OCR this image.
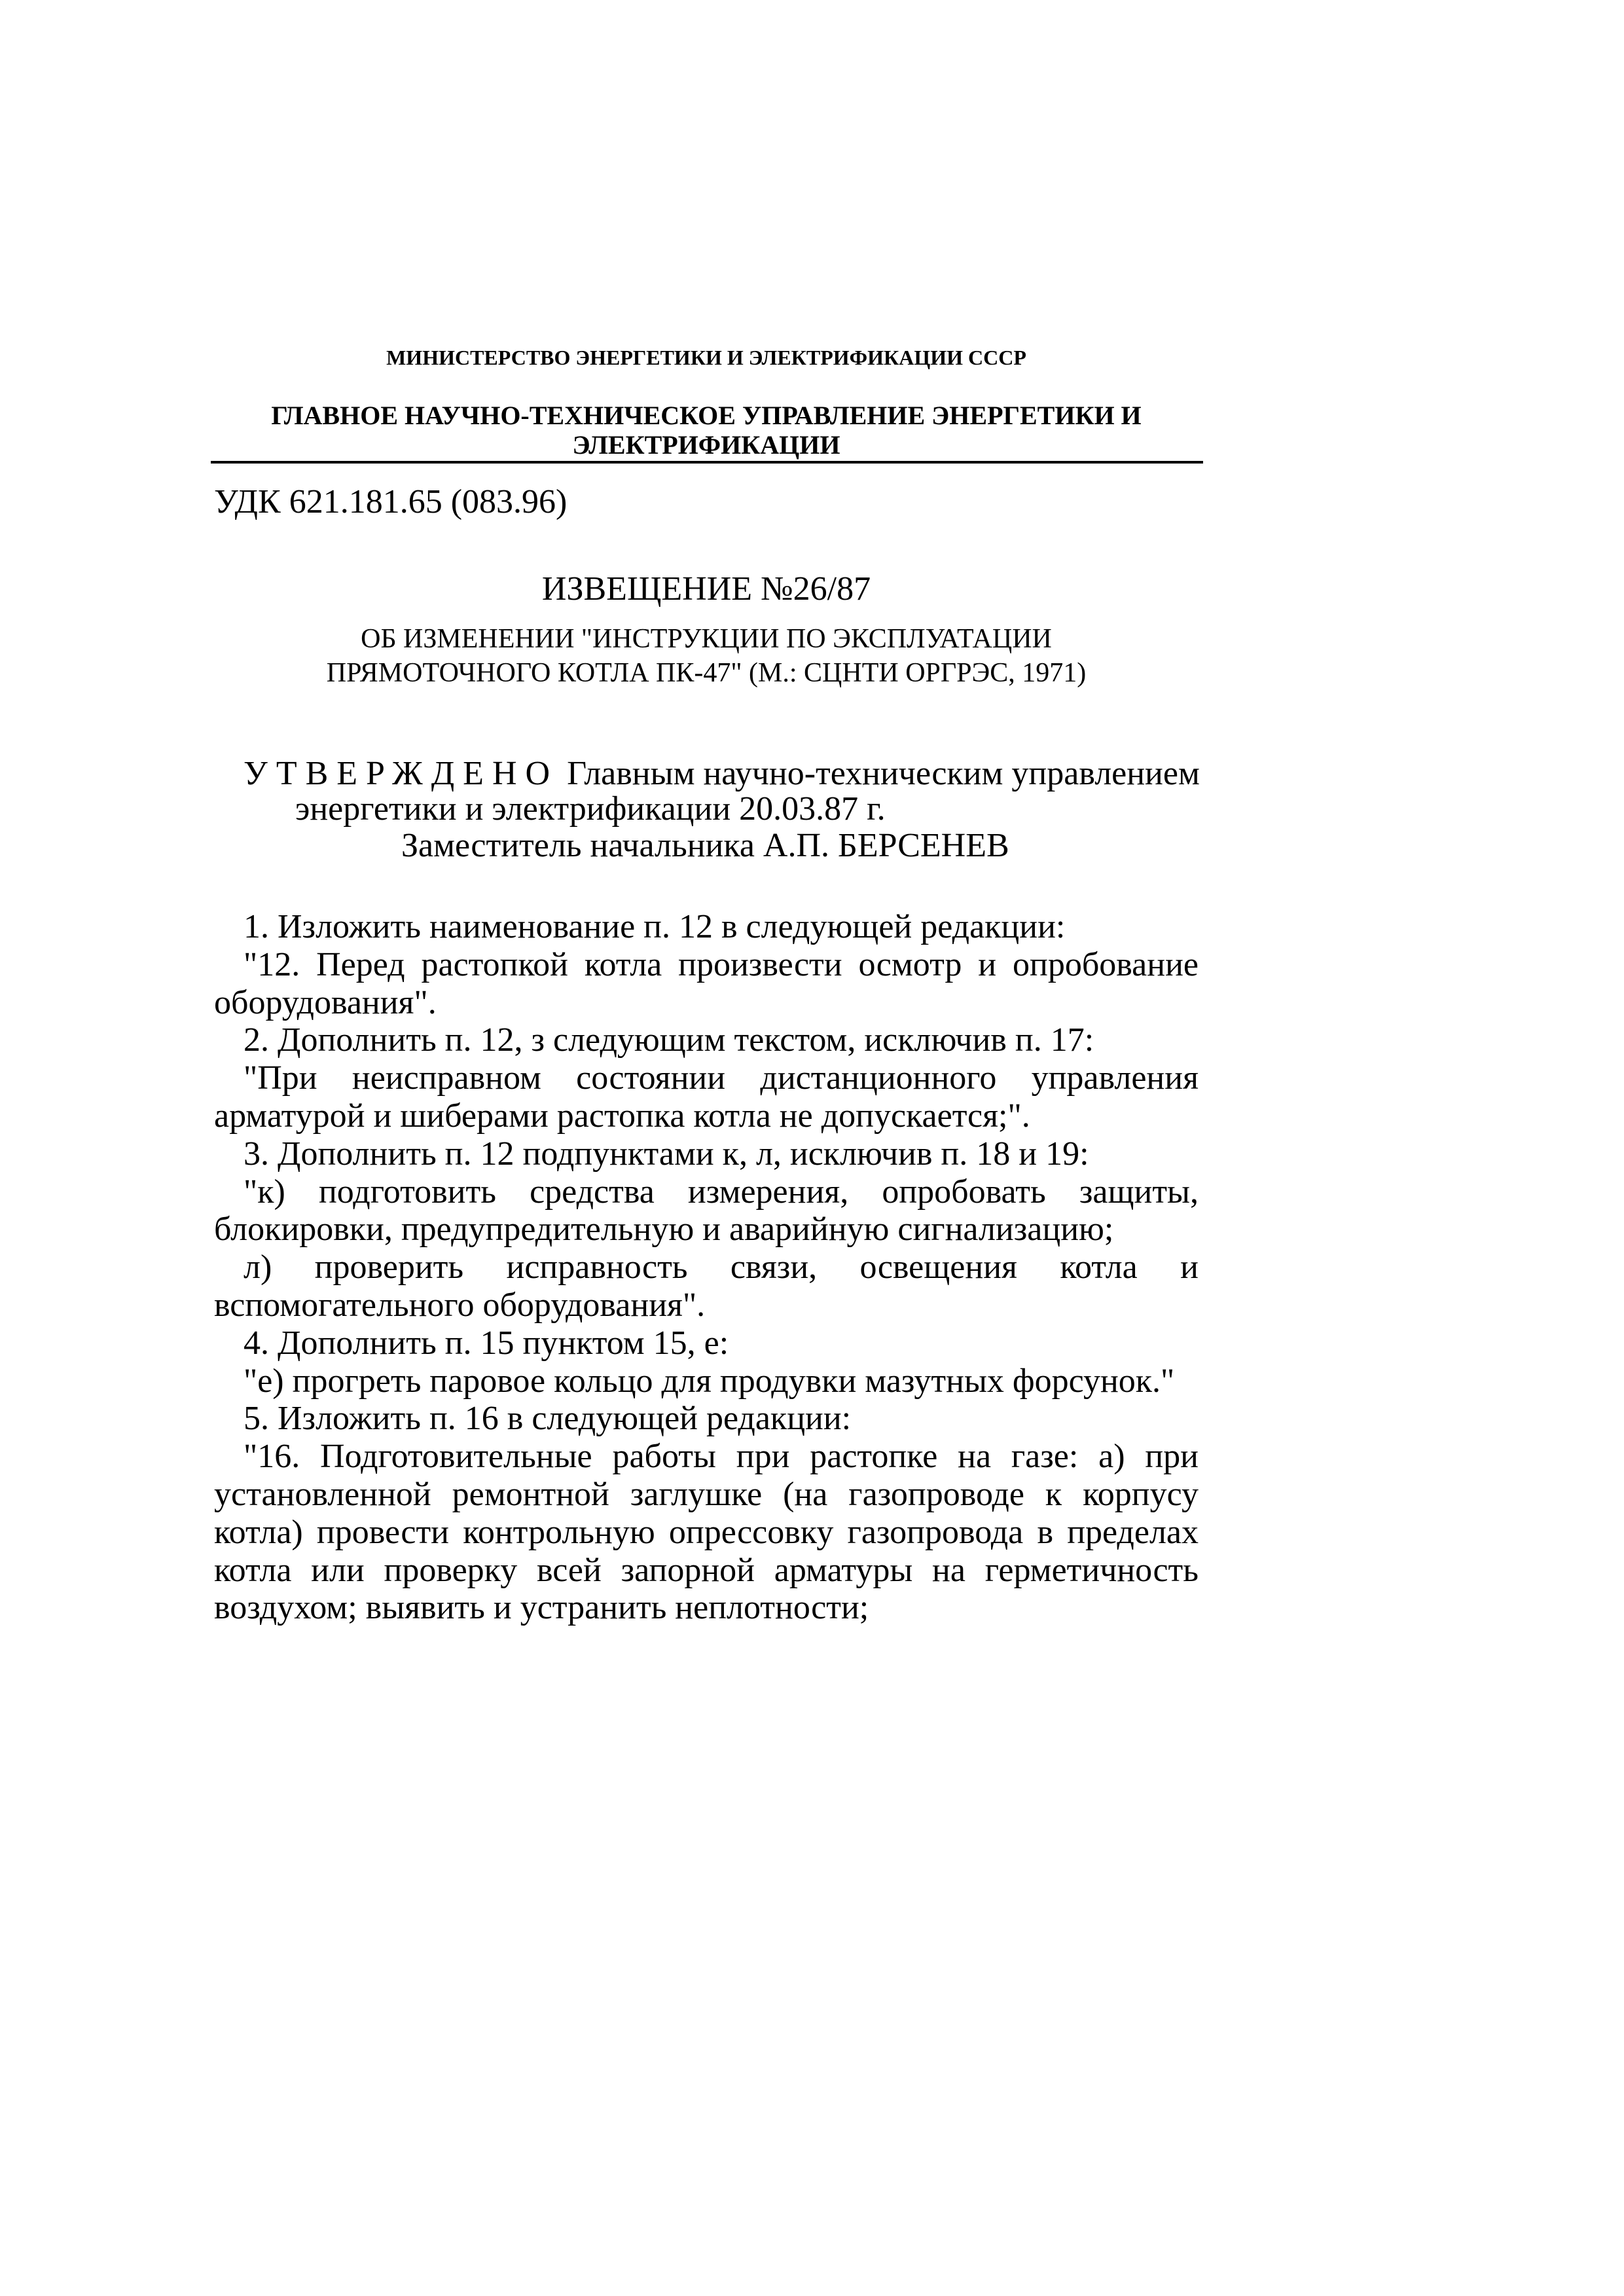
МИНИСТЕРСТВО ЭНЕРГЕТИКИ И ЭЛЕКТРИФИКАЦИИ СССР
ГЛАВНОЕ НАУЧНО-ТЕХНИЧЕСКОЕ УПРАВЛЕНИЕ ЭНЕРГЕТИКИ И
ЭЛЕКТРИФИКАЦИИ
УДК 621.181.65 (083.96)
ИЗВЕЩЕНИЕ №26/87
ОБ ИЗМЕНЕНИИ "ИНСТРУКЦИИ ПО ЭКСПЛУАТАЦИИ
ПРЯМОТОЧНОГО КОТЛА ПК-47" (М.: СЦНТИ ОРГРЭС, 1971)
УТВЕРЖДЕНО Главным научно-техническим управлением
энергетики и электрификации 20.03.87 г.
Заместитель начальника А.П. БЕРСЕНЕВ
1. Изложить наименование п. 12 в следующей редакции:
"12. Перед растопкой котла произвести осмотр и опробование
оборудования".
2. Дополнить п. 12, з следующим текстом, исключив п. 17:
"При неисправном состоянии дистанционного управления
арматурой и шиберами растопка котла не допускается;".
3. Дополнить п. 12 подпунктами к, л, исключив п. 18 и 19:
"к) подготовить средства измерения, опробовать защиты,
блокировки, предупредительную и аварийную сигнализацию;
л) проверить исправность связи, освещения котла и
вспомогательного оборудования".
4. Дополнить п. 15 пунктом 15, е:
"е) прогреть паровое кольцо для продувки мазутных форсунок."
5. Изложить п. 16 в следующей редакции:
"16. Подготовительные работы при растопке на газе: а) при
установленной ремонтной заглушке (на газопроводе к корпусу
котла) провести контрольную опрессовку газопровода в пределах
котла или проверку всей запорной арматуры на герметичность
воздухом; выявить и устранить неплотности;
